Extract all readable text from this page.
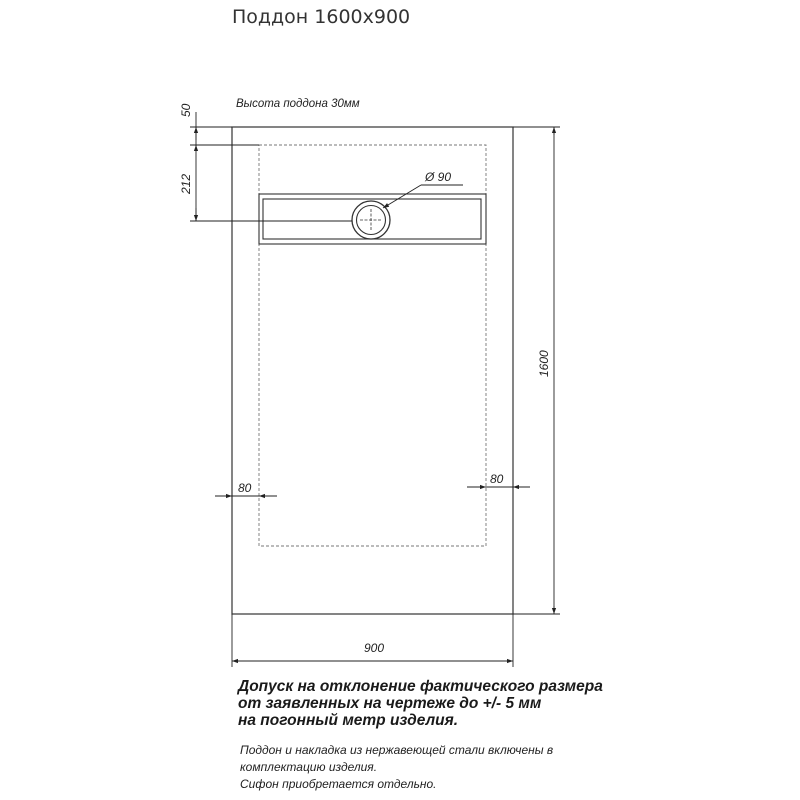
Поддон 1600х900
Ø 90
50
212
Высота поддона 30мм
1600
80
80
900
Допуск на отклонение фактического размера
от заявленных на чертеже до +/- 5 мм
на погонный метр изделия.
Поддон и накладка из нержавеющей стали включены в
комплектацию изделия.
Сифон приобретается отдельно.
